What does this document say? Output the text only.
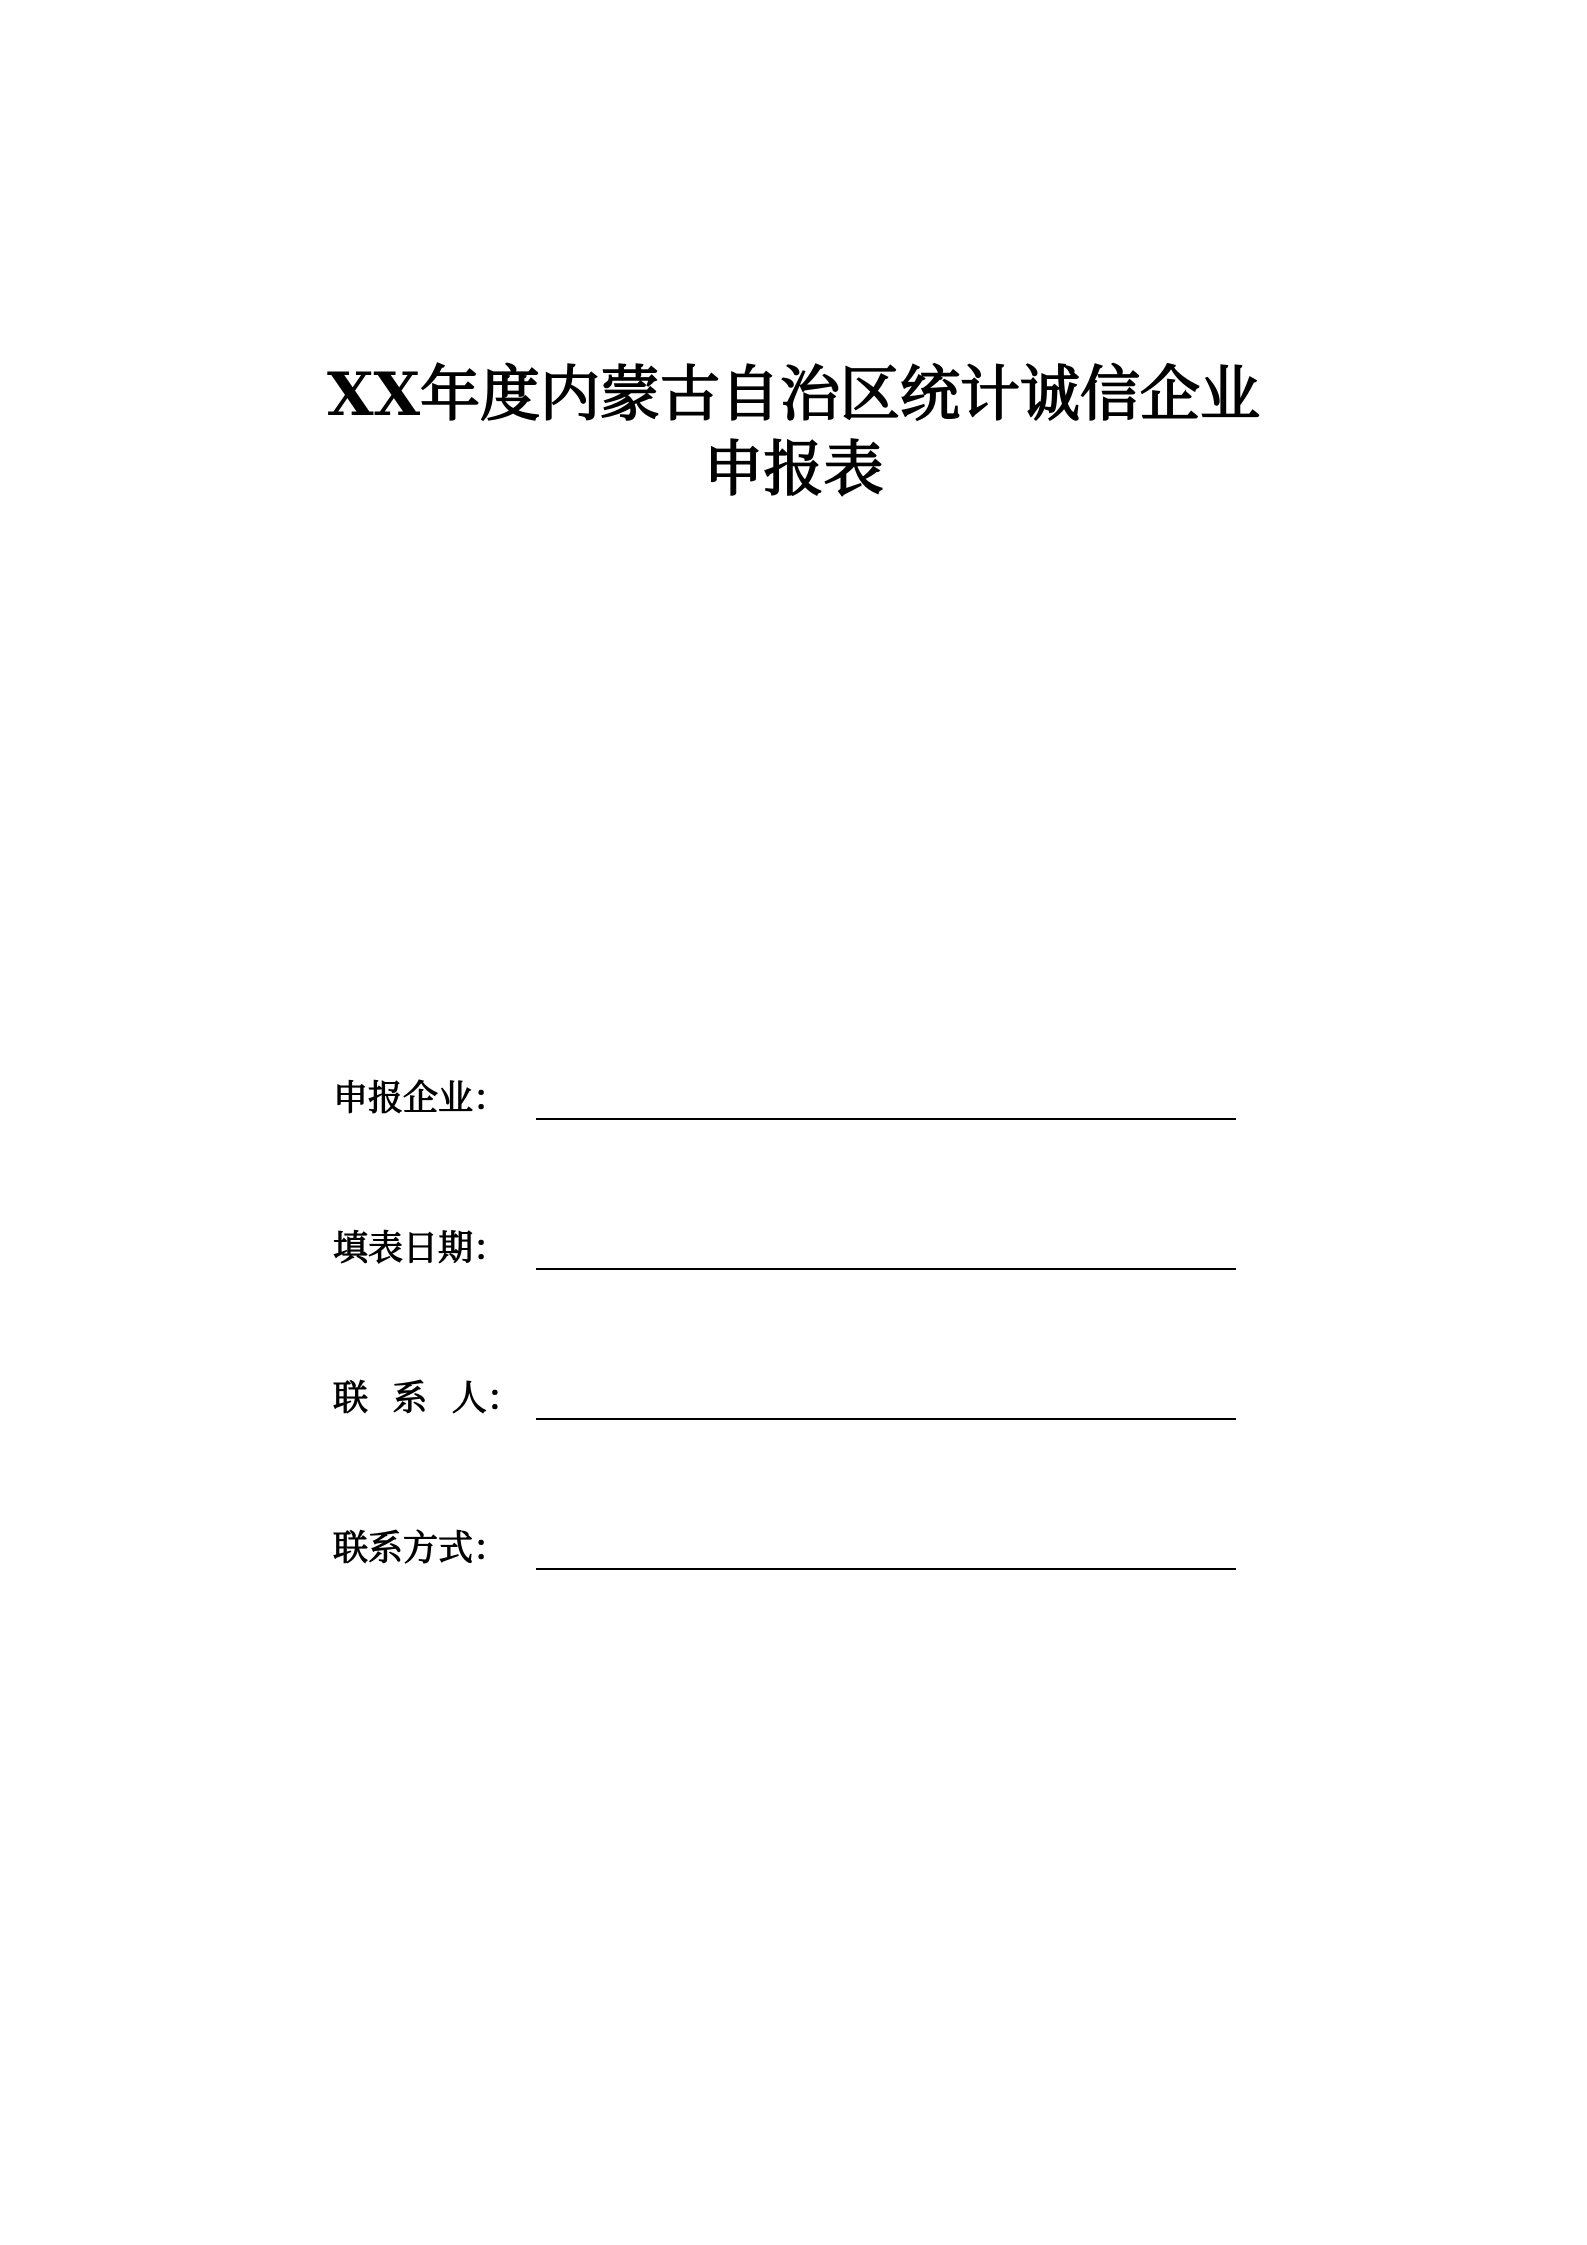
XX年度内蒙古自治区统计诚信企业
申报表
申报企业：
填表日期：
联  系  人：
联系方式：
